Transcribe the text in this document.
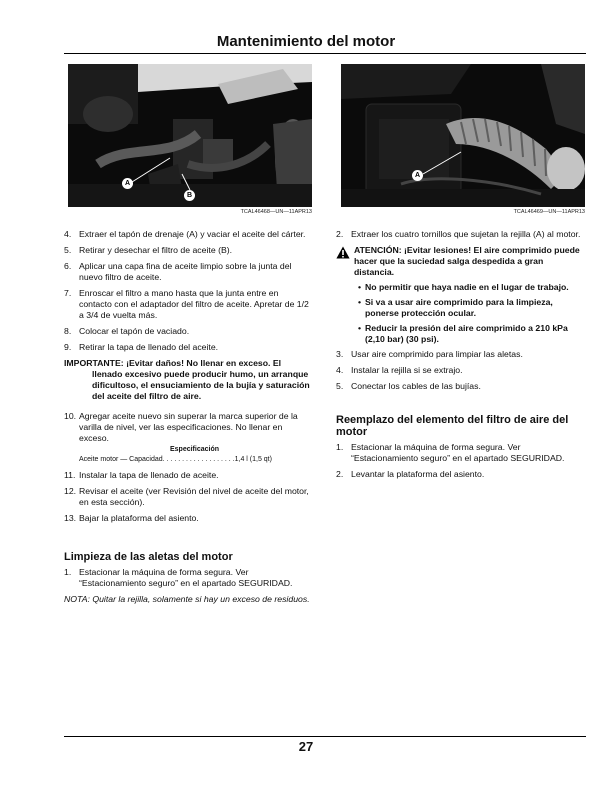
Mantenimiento del motor
A
B
TCAL46468—UN—11APR13
A
TCAL46469—UN—11APR13
4. Extraer el tapón de drenaje (A) y vaciar el aceite del cárter.
5. Retirar y desechar el filtro de aceite (B).
6. Aplicar una capa fina de aceite limpio sobre la junta del nuevo filtro de aceite.
7. Enroscar el filtro a mano hasta que la junta entre en contacto con el adaptador del filtro de aceite. Apretar de 1/2 a 3/4 de vuelta más.
8. Colocar el tapón de vaciado.
9. Retirar la tapa de llenado del aceite.
IMPORTANTE: ¡Evitar daños! No llenar en exceso. El llenado excesivo puede producir humo, un arranque dificultoso, el ensuciamiento de la bujía y saturación del aceite del filtro de aire.
10. Agregar aceite nuevo sin superar la marca superior de la varilla de nivel, ver las especificaciones. No llenar en exceso.
Especificación
Aceite motor — Capacidad. . . . . . . . . . . . . . . . . . .1,4 l (1,5 qt)
11. Instalar la tapa de llenado de aceite.
12. Revisar el aceite (ver Revisión del nivel de aceite del motor, en esta sección).
13. Bajar la plataforma del asiento.
Limpieza de las aletas del motor
1. Estacionar la máquina de forma segura. Ver “Estacionamiento seguro” en el apartado SEGURIDAD.
NOTA: Quitar la rejilla, solamente si hay un exceso de residuos.
2. Extraer los cuatro tornillos que sujetan la rejilla (A) al motor.
ATENCIÓN: ¡Evitar lesiones! El aire comprimido puede hacer que la suciedad salga despedida a gran distancia.
• No permitir que haya nadie en el lugar de trabajo.
• Si va a usar aire comprimido para la limpieza, ponerse protección ocular.
• Reducir la presión del aire comprimido a 210 kPa (2,10 bar) (30 psi).
3. Usar aire comprimido para limpiar las aletas.
4. Instalar la rejilla si se extrajo.
5. Conectar los cables de las bujías.
Reemplazo del elemento del filtro de aire del motor
1. Estacionar la máquina de forma segura. Ver “Estacionamiento seguro” en el apartado SEGURIDAD.
2. Levantar la plataforma del asiento.
27
